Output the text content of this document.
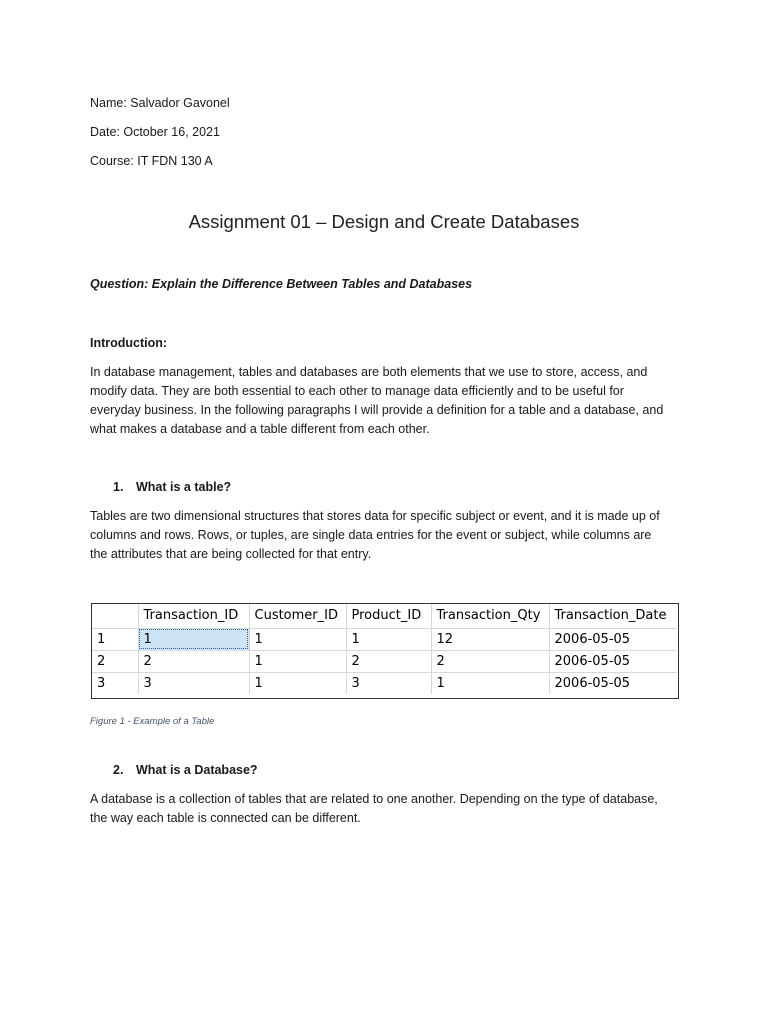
Name: Salvador Gavonel
Date: October 16, 2021
Course: IT FDN 130 A
Assignment 01 – Design and Create Databases
Question: Explain the Difference Between Tables and Databases
Introduction:
In database management, tables and databases are both elements that we use to store, access, and
modify data. They are both essential to each other to manage data efficiently and to be useful for
everyday business. In the following paragraphs I will provide a definition for a table and a database, and
what makes a database and a table different from each other.
1. What is a table?
Tables are two dimensional structures that stores data for specific subject or event, and it is made up of
columns and rows. Rows, or tuples, are single data entries for the event or subject, while columns are
the attributes that are being collected for that entry.
	Transaction_ID	Customer_ID	Product_ID	Transaction_Qty	Transaction_Date
1	1	1	1	12	2006-05-05
2	2	1	2	2	2006-05-05
3	3	1	3	1	2006-05-05
Figure 1 - Example of a Table
2. What is a Database?
A database is a collection of tables that are related to one another. Depending on the type of database,
the way each table is connected can be different.
